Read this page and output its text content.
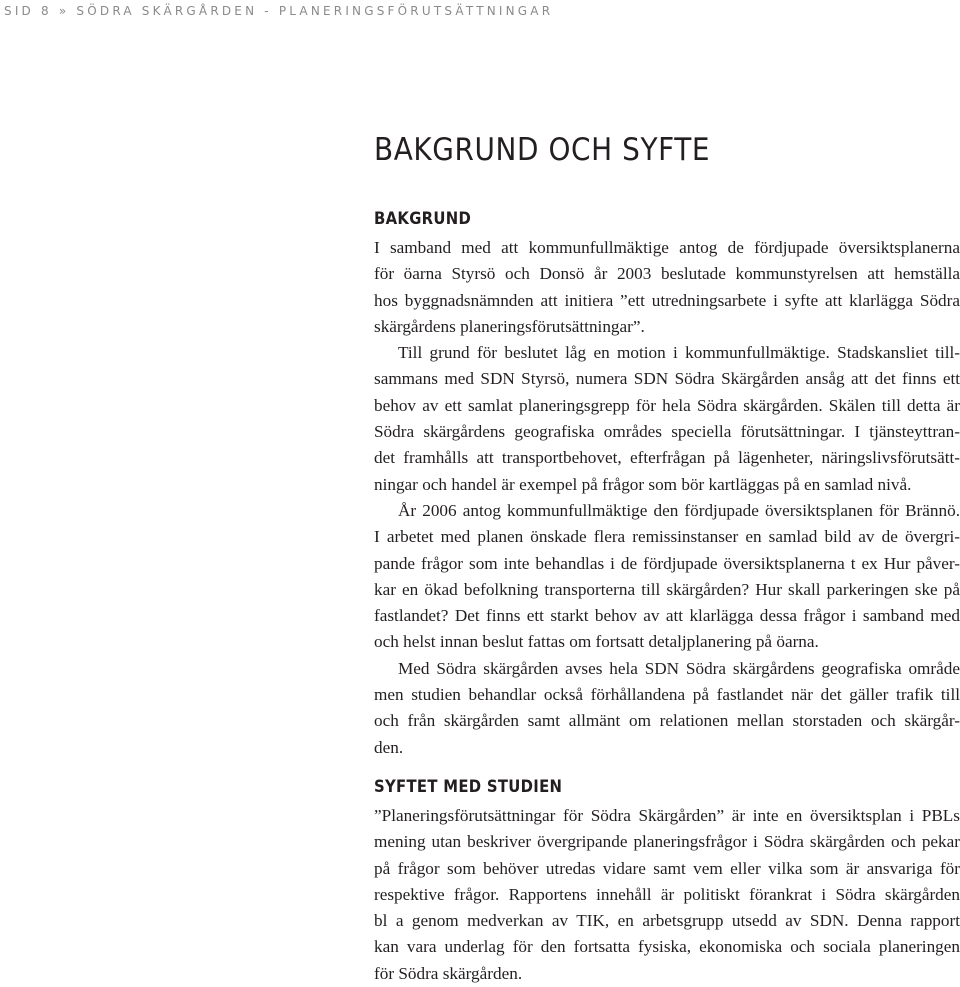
SID 8 » SÖDRA SKÄRGÅRDEN - PLANERINGSFÖRUTSÄTTNINGAR
BAKGRUND OCH SYFTE
BAKGRUND
I samband med att kommunfullmäktige antog de fördjupade översiktsplanerna
för öarna Styrsö och Donsö år 2003 beslutade kommunstyrelsen att hemställa
hos byggnadsnämnden att initiera ”ett utredningsarbete i syfte att klarlägga Södra
skärgårdens planeringsförutsättningar”.
Till grund för beslutet låg en motion i kommunfullmäktige. Stadskansliet till-
sammans med SDN Styrsö, numera SDN Södra Skärgården ansåg att det finns ett
behov av ett samlat planeringsgrepp för hela Södra skärgården. Skälen till detta är
Södra skärgårdens geografiska områdes speciella förutsättningar. I tjänsteyttran-
det framhålls att transportbehovet, efterfrågan på lägenheter, näringslivsförutsätt-
ningar och handel är exempel på frågor som bör kartläggas på en samlad nivå.
År 2006 antog kommunfullmäktige den fördjupade översiktsplanen för Brännö.
I arbetet med planen önskade flera remissinstanser en samlad bild av de övergri-
pande frågor som inte behandlas i de fördjupade översiktsplanerna t ex Hur påver-
kar en ökad befolkning transporterna till skärgården? Hur skall parkeringen ske på
fastlandet? Det finns ett starkt behov av att klarlägga dessa frågor i samband med
och helst innan beslut fattas om fortsatt detaljplanering på öarna.
Med Södra skärgården avses hela SDN Södra skärgårdens geografiska område
men studien behandlar också förhållandena på fastlandet när det gäller trafik till
och från skärgården samt allmänt om relationen mellan storstaden och skärgår-
den.
SYFTET MED STUDIEN
”Planeringsförutsättningar för Södra Skärgården” är inte en översiktsplan i PBLs
mening utan beskriver övergripande planeringsfrågor i Södra skärgården och pekar
på frågor som behöver utredas vidare samt vem eller vilka som är ansvariga för
respektive frågor. Rapportens innehåll är politiskt förankrat i Södra skärgården
bl a genom medverkan av TIK, en arbetsgrupp utsedd av SDN. Denna rapport
kan vara underlag för den fortsatta fysiska, ekonomiska och sociala planeringen
för Södra skärgården.
